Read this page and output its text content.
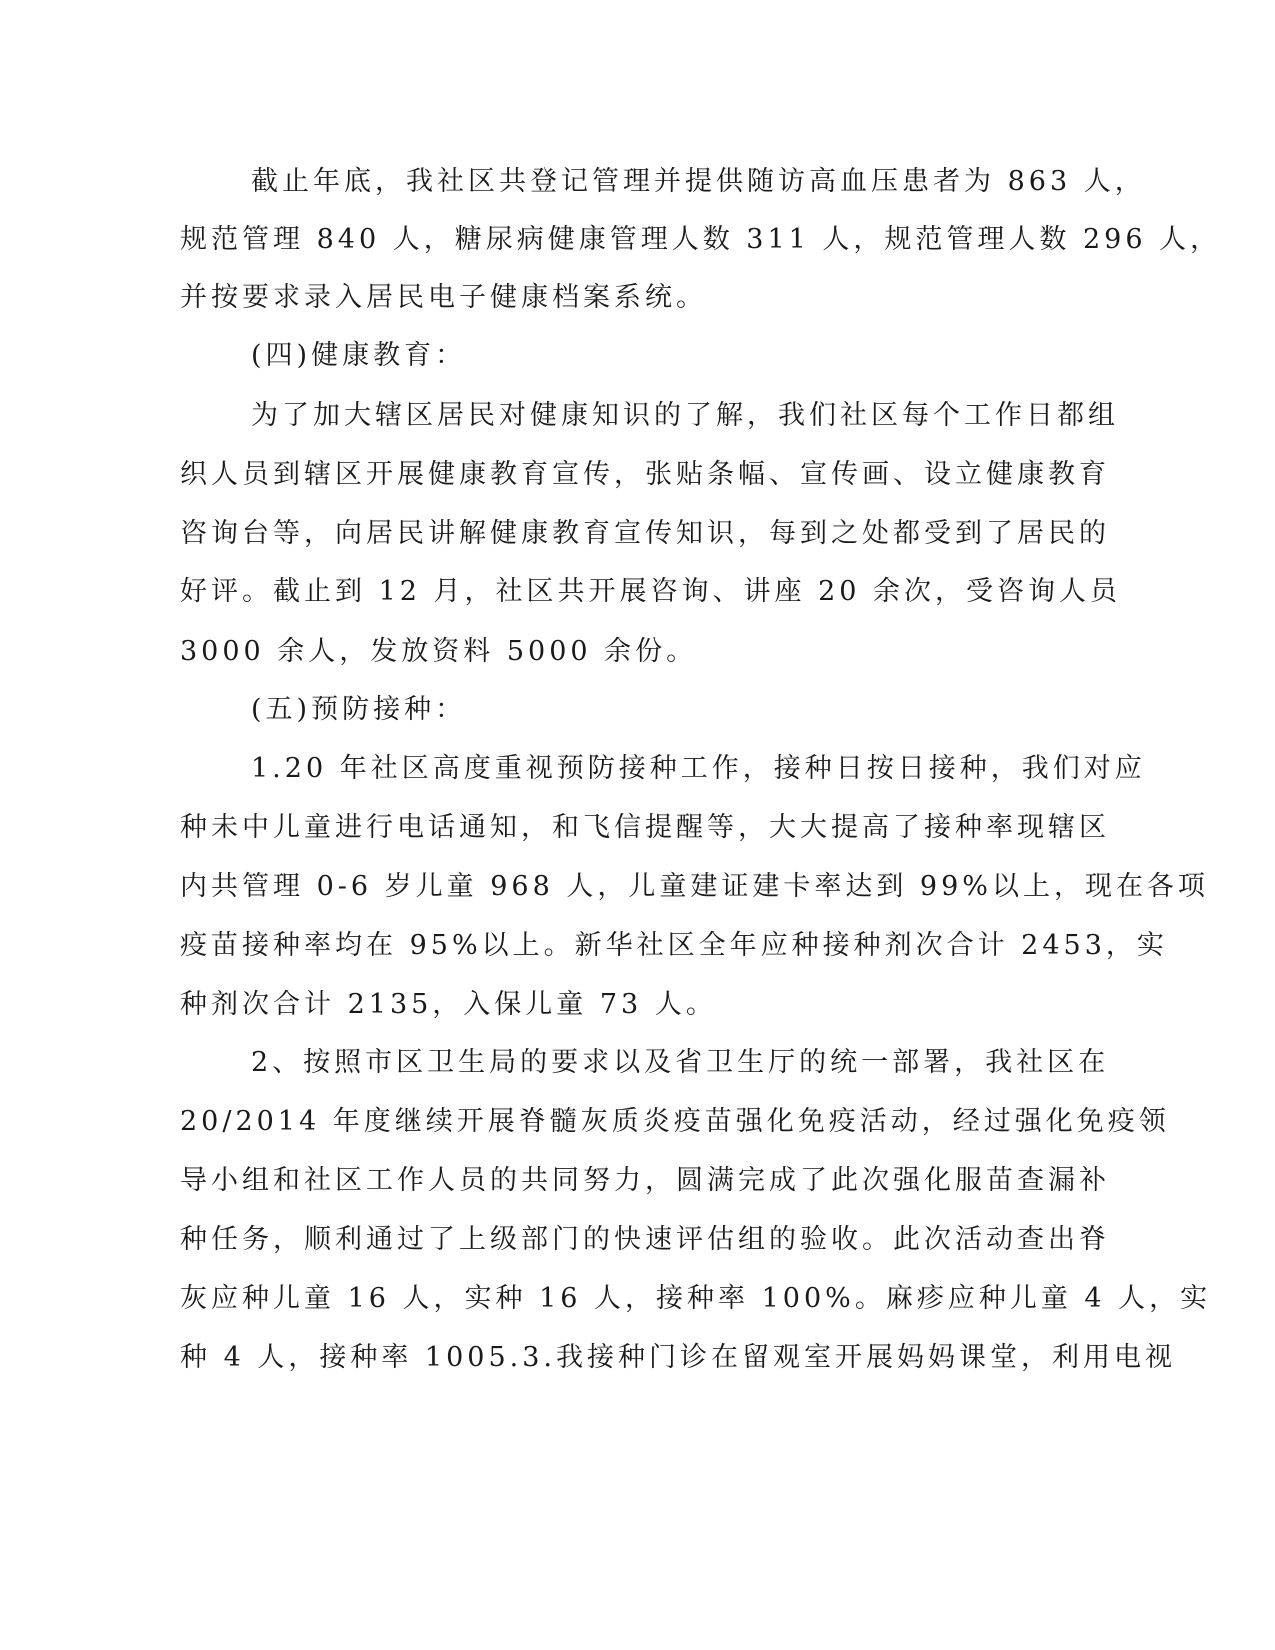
截止年底，我社区共登记管理并提供随访高血压患者为 863 人，
规范管理 840 人，糖尿病健康管理人数 311 人，规范管理人数 296 人，
并按要求录入居民电子健康档案系统。
(四)健康教育：
为了加大辖区居民对健康知识的了解，我们社区每个工作日都组
织人员到辖区开展健康教育宣传，张贴条幅、宣传画、设立健康教育
咨询台等，向居民讲解健康教育宣传知识，每到之处都受到了居民的
好评。截止到 12 月，社区共开展咨询、讲座 20 余次，受咨询人员
3000 余人，发放资料 5000 余份。
(五)预防接种：
1.20 年社区高度重视预防接种工作，接种日按日接种，我们对应
种未中儿童进行电话通知，和飞信提醒等，大大提高了接种率现辖区
内共管理 0-6 岁儿童 968 人，儿童建证建卡率达到 99%以上，现在各项
疫苗接种率均在 95%以上。新华社区全年应种接种剂次合计 2453，实
种剂次合计 2135，入保儿童 73 人。
2、按照市区卫生局的要求以及省卫生厅的统一部署，我社区在
20/2014 年度继续开展脊髓灰质炎疫苗强化免疫活动，经过强化免疫领
导小组和社区工作人员的共同努力，圆满完成了此次强化服苗查漏补
种任务，顺利通过了上级部门的快速评估组的验收。此次活动查出脊
灰应种儿童 16 人，实种 16 人，接种率 100%。麻疹应种儿童 4 人，实
种 4 人，接种率 1005.3.我接种门诊在留观室开展妈妈课堂，利用电视
